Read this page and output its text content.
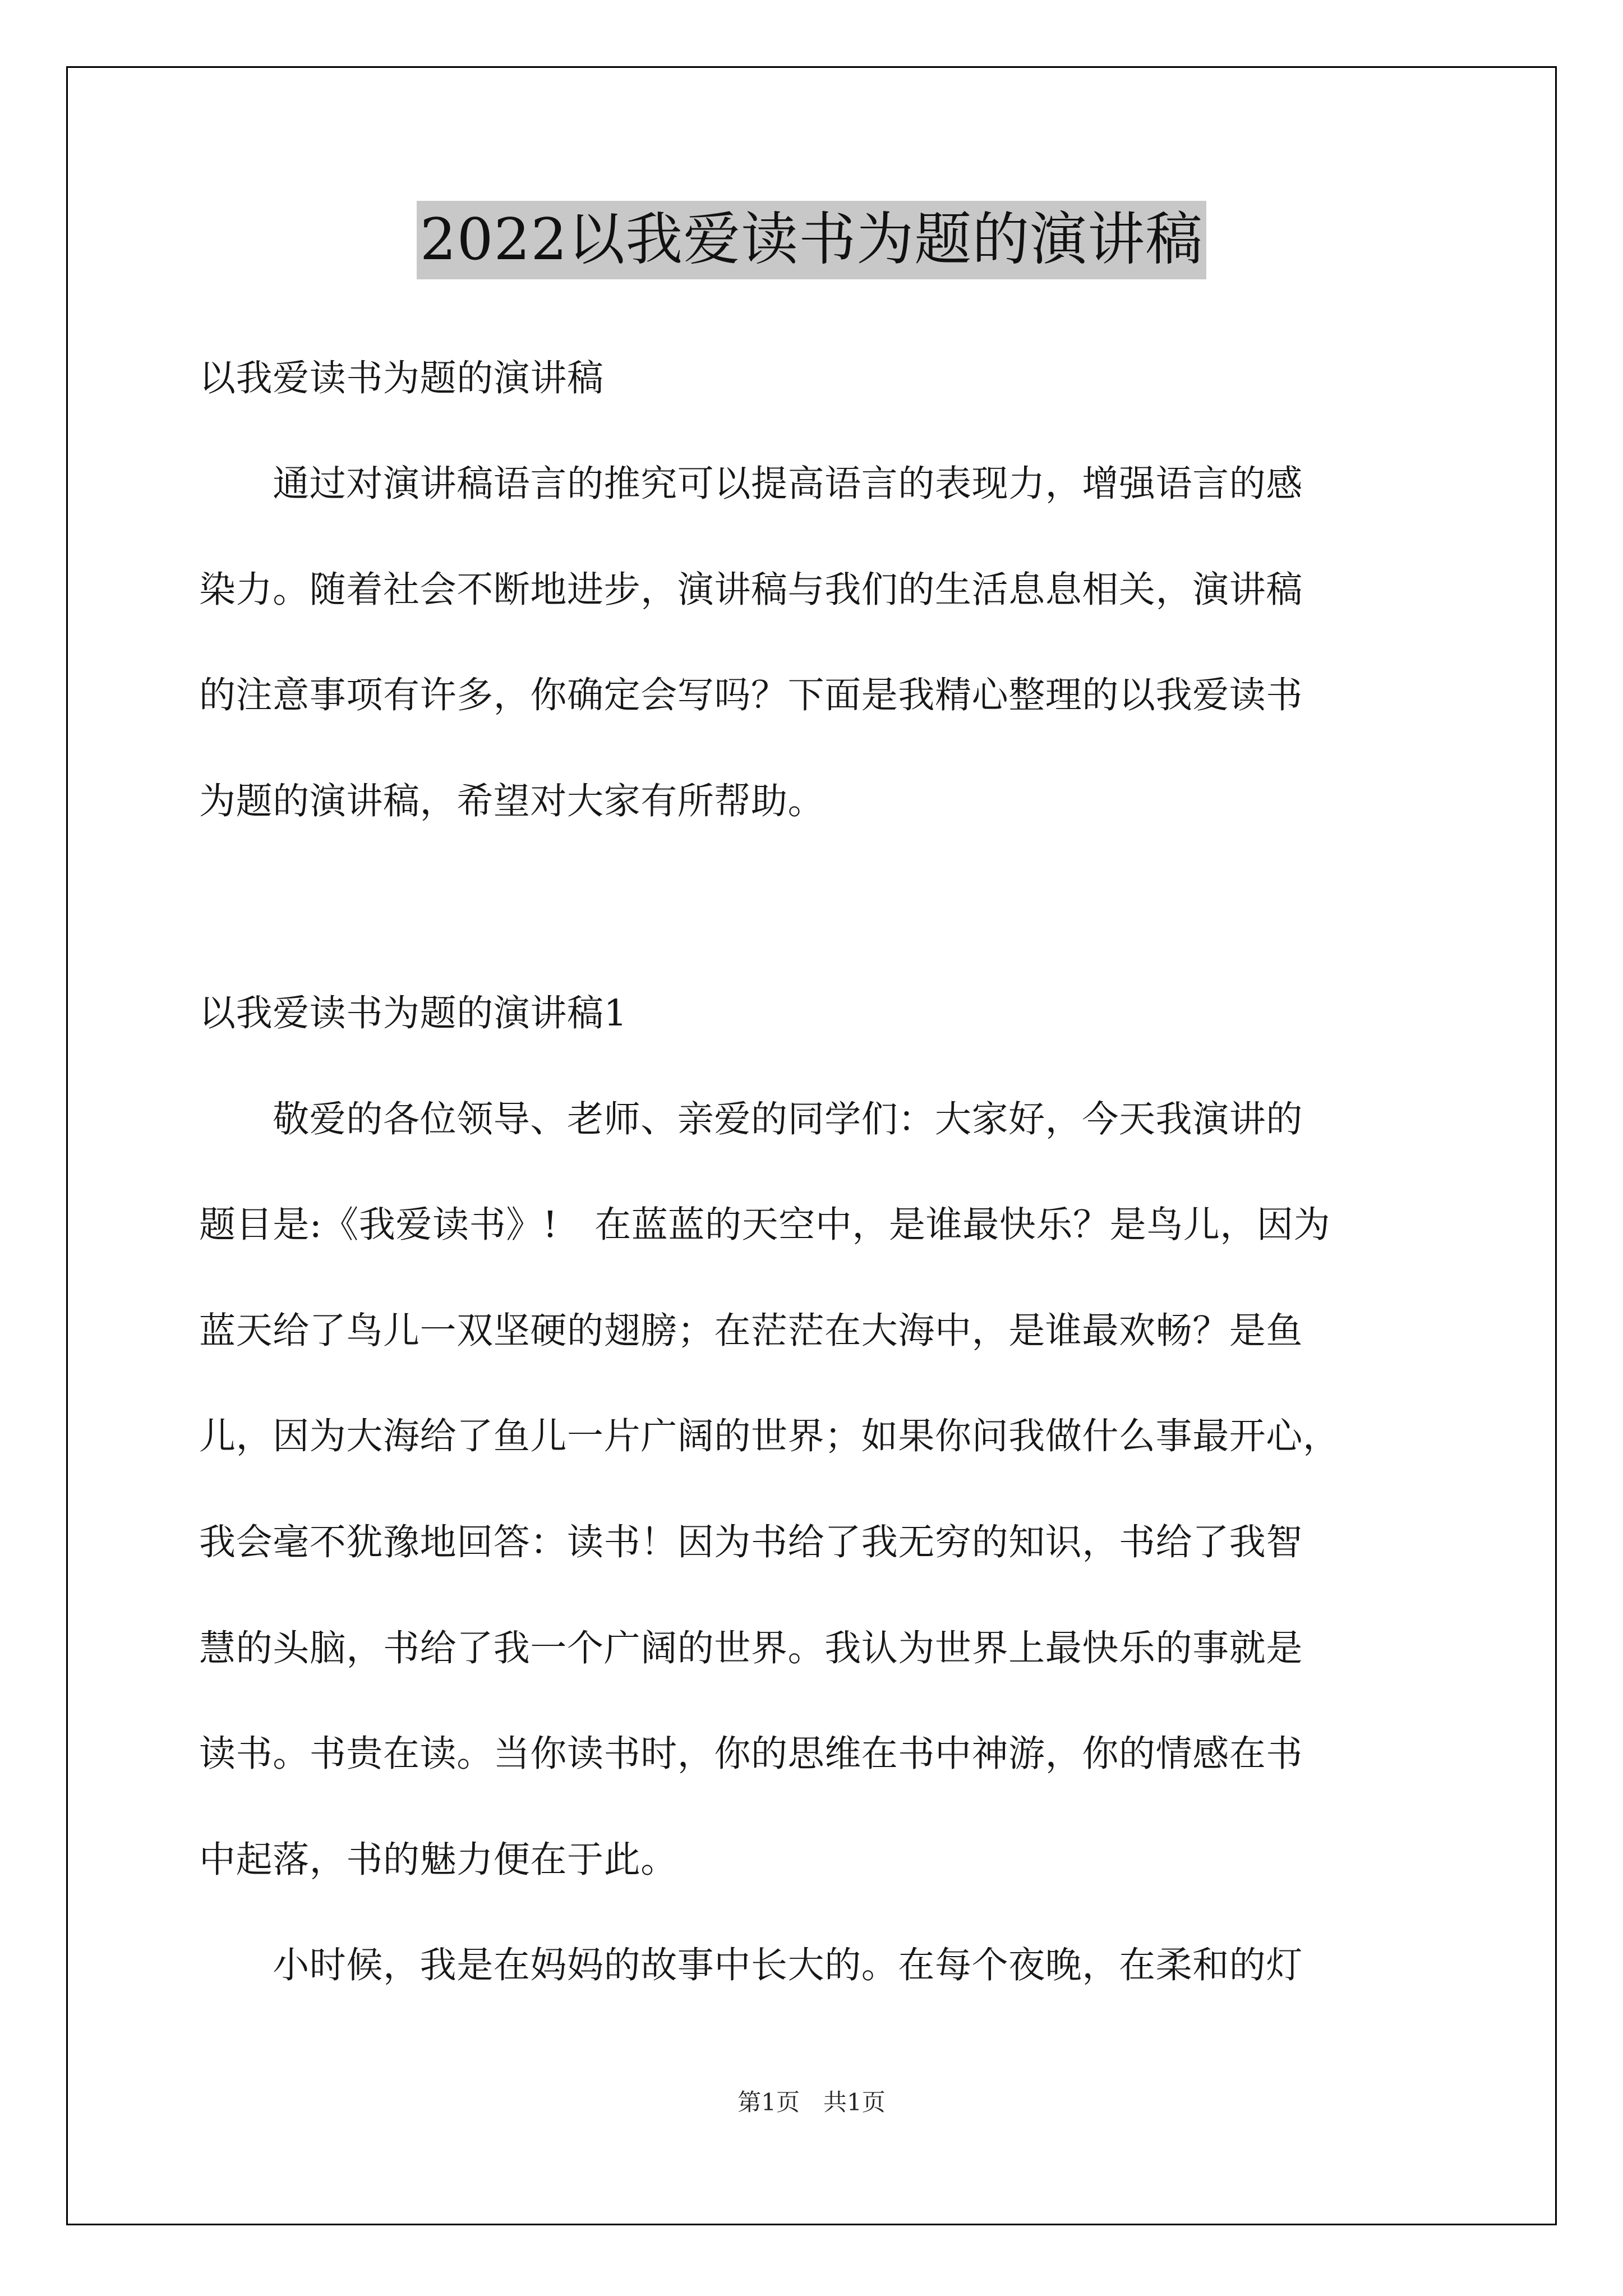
2022以我爱读书为题的演讲稿
以我爱读书为题的演讲稿
　　通过对演讲稿语言的推究可以提高语言的表现力，增强语言的感
染力。随着社会不断地进步，演讲稿与我们的生活息息相关，演讲稿
的注意事项有许多，你确定会写吗？下面是我精心整理的以我爱读书
为题的演讲稿，希望对大家有所帮助。
以我爱读书为题的演讲稿1
　　敬爱的各位领导、老师、亲爱的同学们：大家好，今天我演讲的
题目是:《我爱读书》!　在蓝蓝的天空中，是谁最快乐？是鸟儿，因为
蓝天给了鸟儿一双坚硬的翅膀；在茫茫在大海中，是谁最欢畅？是鱼
儿，因为大海给了鱼儿一片广阔的世界；如果你问我做什么事最开心，
我会毫不犹豫地回答：读书！因为书给了我无穷的知识，书给了我智
慧的头脑，书给了我一个广阔的世界。我认为世界上最快乐的事就是
读书。书贵在读。当你读书时，你的思维在书中神游，你的情感在书
中起落，书的魅力便在于此。
　　小时候，我是在妈妈的故事中长大的。在每个夜晚，在柔和的灯
第1页　共1页
